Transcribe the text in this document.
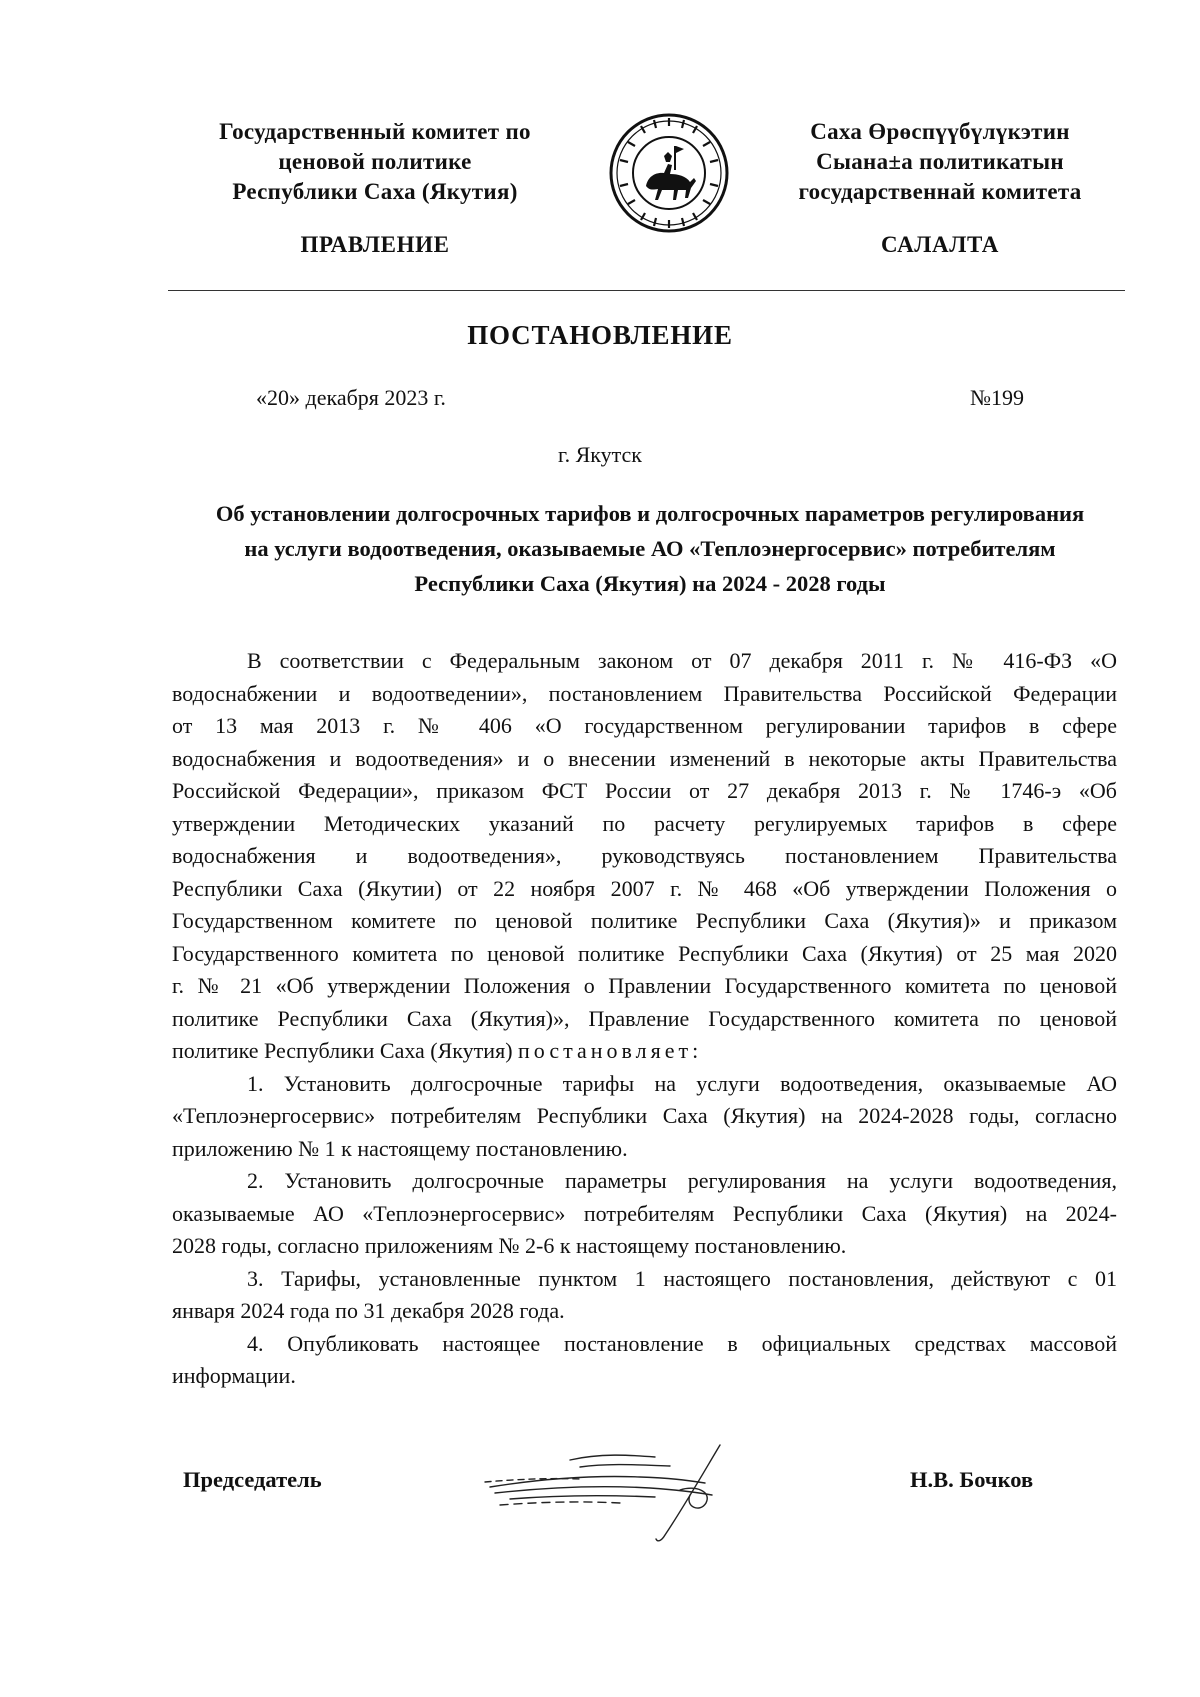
Государственный комитет по
ценовой политике
Республики Саха (Якутия)
Саха Өрөспүүбүлүкэтин
Сыана±а политикатын
государственнай комитета
ПРАВЛЕНИЕ	САЛАЛТА
ПОСТАНОВЛЕНИЕ
«20» декабря 2023 г.	№199
г. Якутск
Об установлении долгосрочных тарифов и долгосрочных параметров регулирования
на услуги водоотведения, оказываемые АО «Теплоэнергосервис» потребителям
Республики Саха (Якутия) на 2024 - 2028 годы
В соответствии с Федеральным законом от 07 декабря 2011 г. № 416-ФЗ «О
водоснабжении и водоотведении», постановлением Правительства Российской Федерации
от 13 мая 2013 г. № 406 «О государственном регулировании тарифов в сфере
водоснабжения и водоотведения» и о внесении изменений в некоторые акты Правительства
Российской Федерации», приказом ФСТ России от 27 декабря 2013 г. № 1746-э «Об
утверждении Методических указаний по расчету регулируемых тарифов в сфере
водоснабжения и водоотведения», руководствуясь постановлением Правительства
Республики Саха (Якутии) от 22 ноября 2007 г. № 468 «Об утверждении Положения о
Государственном комитете по ценовой политике Республики Саха (Якутия)» и приказом
Государственного комитета по ценовой политике Республики Саха (Якутия) от 25 мая 2020
г. № 21 «Об утверждении Положения о Правлении Государственного комитета по ценовой
политике Республики Саха (Якутия)», Правление Государственного комитета по ценовой
политике Республики Саха (Якутия) постановляет:
1. Установить долгосрочные тарифы на услуги водоотведения, оказываемые АО
«Теплоэнергосервис» потребителям Республики Саха (Якутия) на 2024-2028 годы, согласно
приложению № 1 к настоящему постановлению.
2. Установить долгосрочные параметры регулирования на услуги водоотведения,
оказываемые АО «Теплоэнергосервис» потребителям Республики Саха (Якутия) на 2024-
2028 годы, согласно приложениям № 2-6 к настоящему постановлению.
3. Тарифы, установленные пунктом 1 настоящего постановления, действуют с 01
января 2024 года по 31 декабря 2028 года.
4. Опубликовать настоящее постановление в официальных средствах массовой
информации.
Председатель	Н.В. Бочков
